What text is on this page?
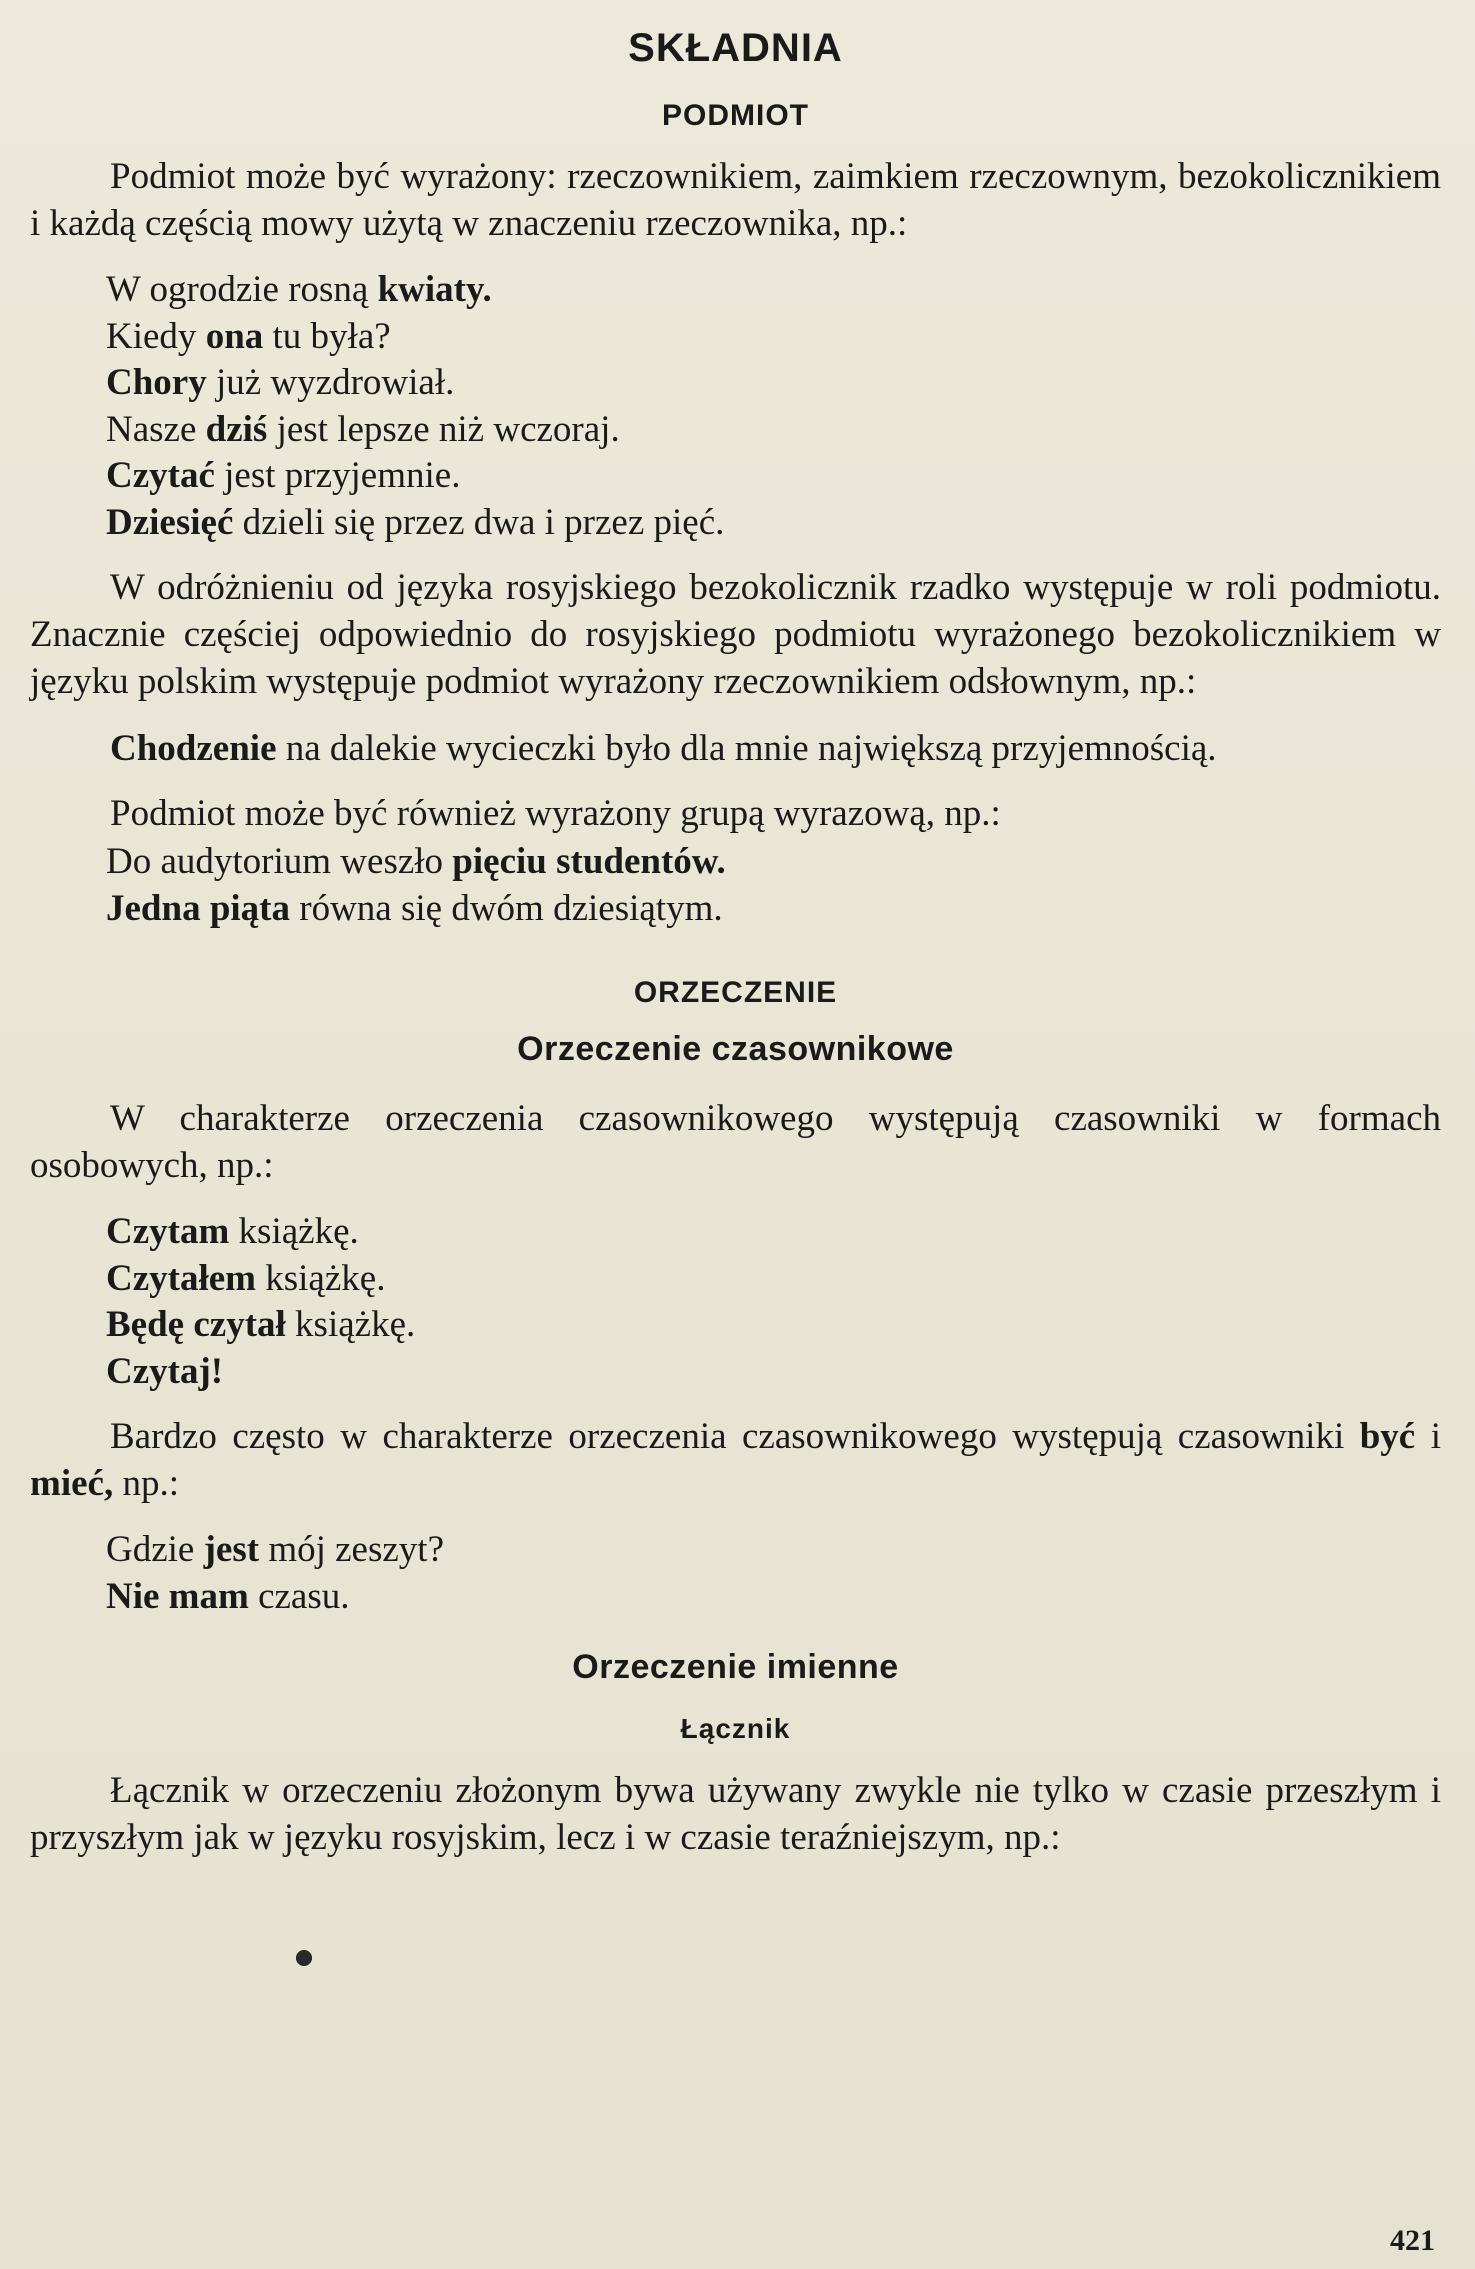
SKŁADNIA
PODMIOT
Podmiot może być wyrażony: rzeczownikiem, zaimkiem rzeczownym, bezokolicznikiem i każdą częścią mowy użytą w znaczeniu rzeczownika, np.:
W ogrodzie rosną kwiaty.
Kiedy ona tu była?
Chory już wyzdrowiał.
Nasze dziś jest lepsze niż wczoraj.
Czytać jest przyjemnie.
Dziesięć dzieli się przez dwa i przez pięć.
W odróżnieniu od języka rosyjskiego bezokolicznik rzadko występuje w roli podmiotu. Znacznie częściej odpowiednio do rosyjskiego podmiotu wyrażonego bezokolicznikiem w języku polskim występuje podmiot wyrażony rzeczownikiem odsłownym, np.:
Chodzenie na dalekie wycieczki było dla mnie największą przyjemnością.
Podmiot może być również wyrażony grupą wyrazową, np.:
Do audytorium weszło pięciu studentów.
Jedna piąta równa się dwóm dziesiątym.
ORZECZENIE
Orzeczenie czasownikowe
W charakterze orzeczenia czasownikowego występują czasowniki w formach osobowych, np.:
Czytam książkę.
Czytałem książkę.
Będę czytał książkę.
Czytaj!
Bardzo często w charakterze orzeczenia czasownikowego występują czasowniki być i mieć, np.:
Gdzie jest mój zeszyt?
Nie mam czasu.
Orzeczenie imienne
Łącznik
Łącznik w orzeczeniu złożonym bywa używany zwykle nie tylko w czasie przeszłym i przyszłym jak w języku rosyjskim, lecz i w czasie teraźniejszym, np.:
421
